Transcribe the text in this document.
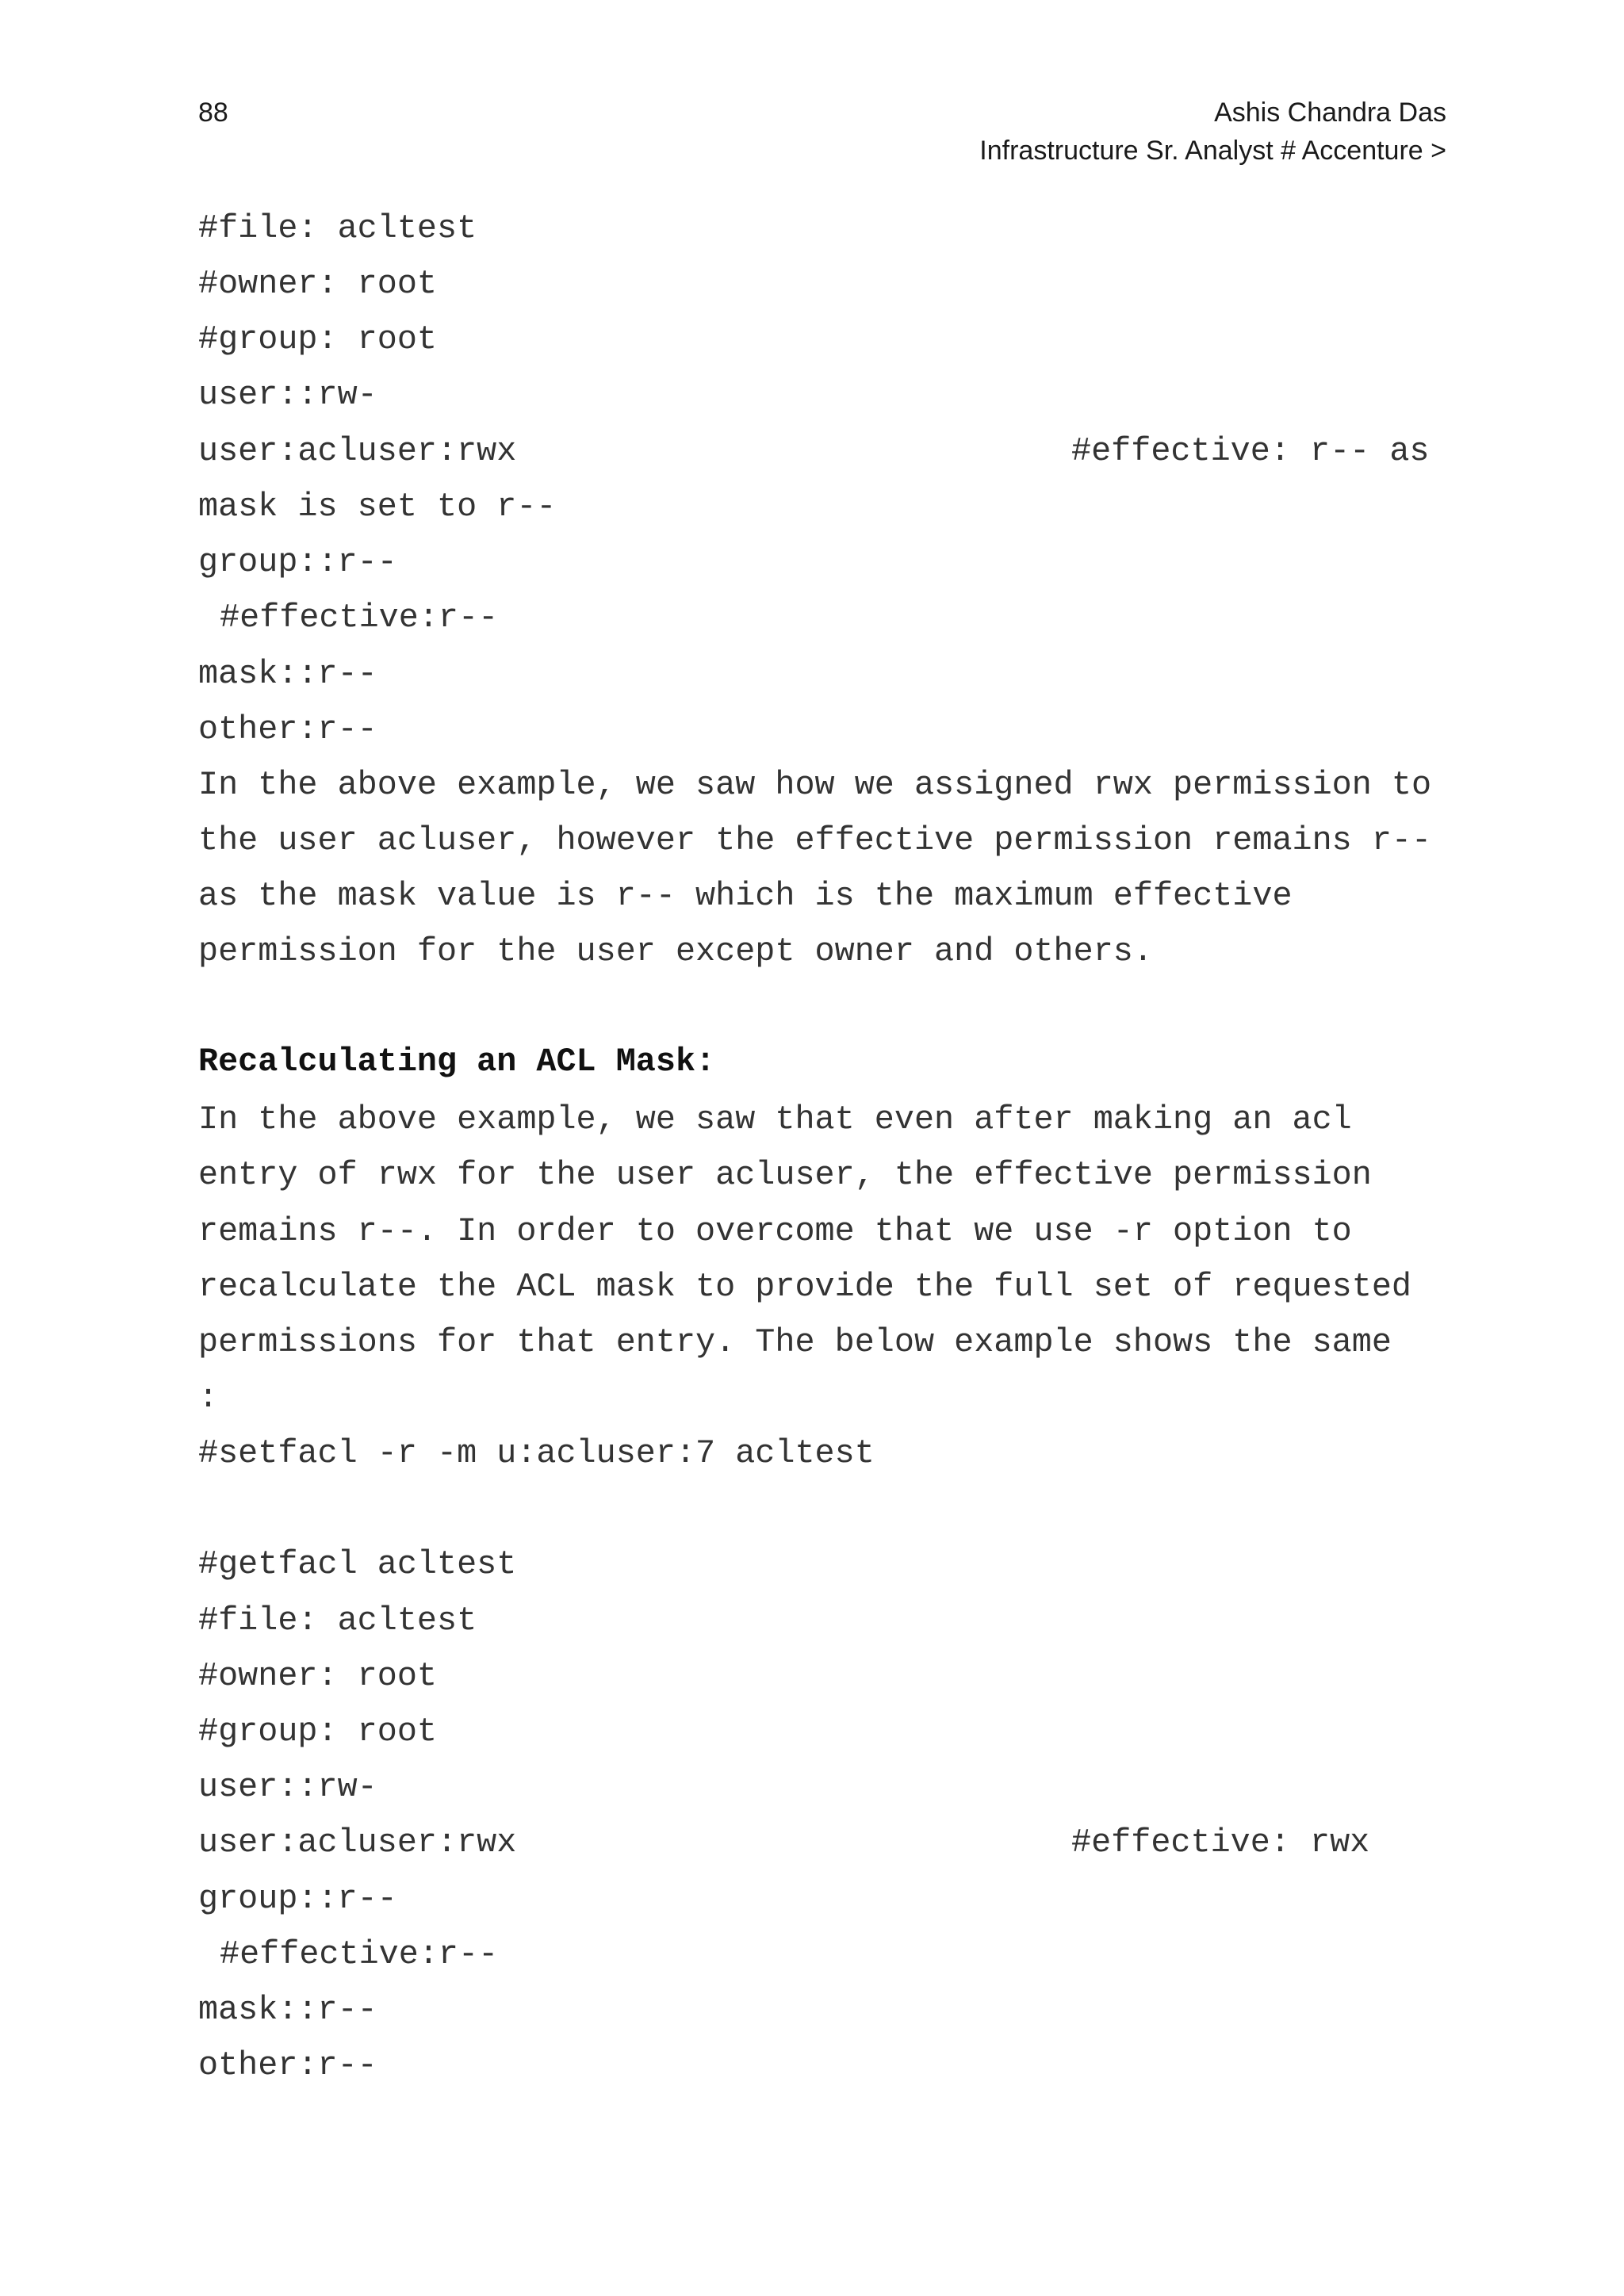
88	Ashis Chandra Das
Infrastructure Sr. Analyst # Accenture >
#file: acltest
#owner: root
#group: root
user::rw-
user:acluser:rwx	#effective: r-- as
mask is set to r--
group::r--
#effective:r--
mask::r--
other:r--
In the above example, we saw how we assigned rwx permission to
the user acluser, however the effective permission remains r--
as the mask value is r-- which is the maximum effective
permission for the user except owner and others.
Recalculating an ACL Mask:
In the above example, we saw that even after making an acl
entry of rwx for the user acluser, the effective permission
remains r--. In order to overcome that we use -r option to
recalculate the ACL mask to provide the full set of requested
permissions for that entry. The below example shows the same
:
#setfacl -r -m u:acluser:7 acltest
#getfacl acltest
#file: acltest
#owner: root
#group: root
user::rw-
user:acluser:rwx	#effective: rwx
group::r--
#effective:r--
mask::r--
other:r--
